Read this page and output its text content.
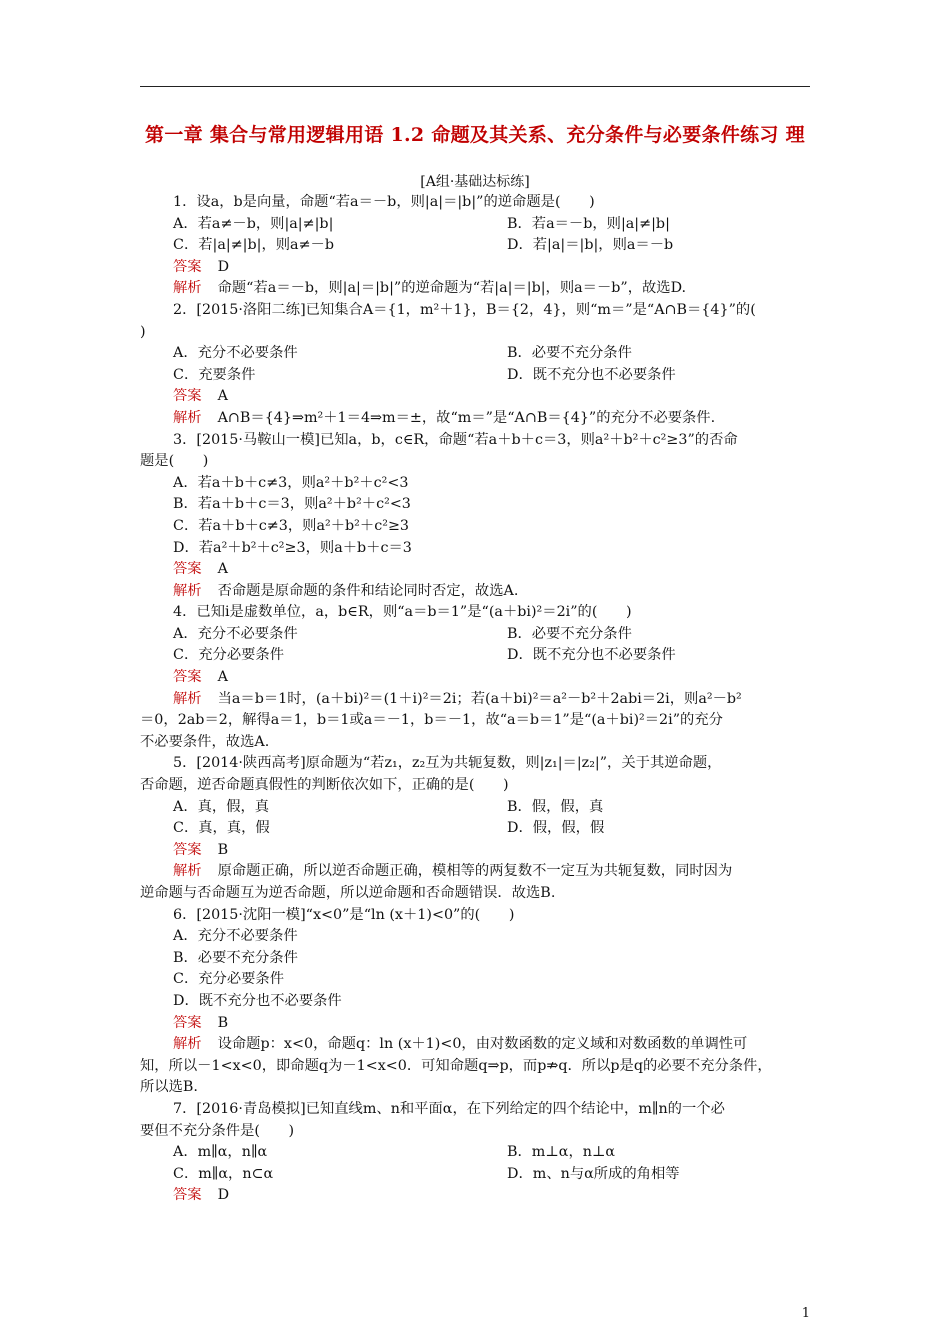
第一章 集合与常用逻辑用语 1.2 命题及其关系、充分条件与必要条件练习 理
[A组·基础达标练]
1．设a，b是向量，命题“若a＝－b，则|a|＝|b|”的逆命题是(　　)
A．若a≠－b，则|a|≠|b|	B．若a＝－b，则|a|≠|b|
C．若|a|≠|b|，则a≠－b	D．若|a|＝|b|，则a＝－b
答案 D
解析 命题“若a＝－b，则|a|＝|b|”的逆命题为“若|a|＝|b|，则a＝－b”，故选D.
2．[2015·洛阳二练]已知集合A＝{1，m²＋1}，B＝{2，4}，则“m＝”是“A∩B＝{4}”的(
)
A．充分不必要条件	B．必要不充分条件
C．充要条件	D．既不充分也不必要条件
答案 A
解析 A∩B＝{4}⇒m²＋1＝4⇒m＝±，故“m＝”是“A∩B＝{4}”的充分不必要条件.
3．[2015·马鞍山一模]已知a，b，c∈R，命题“若a＋b＋c＝3，则a²＋b²＋c²≥3”的否命
题是(　　)
A．若a＋b＋c≠3，则a²＋b²＋c²<3
B．若a＋b＋c＝3，则a²＋b²＋c²<3
C．若a＋b＋c≠3，则a²＋b²＋c²≥3
D．若a²＋b²＋c²≥3，则a＋b＋c＝3
答案 A
解析 否命题是原命题的条件和结论同时否定，故选A.
4．已知i是虚数单位，a，b∈R，则“a＝b＝1”是“(a＋bi)²＝2i”的(　　)
A．充分不必要条件	B．必要不充分条件
C．充分必要条件	D．既不充分也不必要条件
答案 A
解析 当a＝b＝1时，(a＋bi)²＝(1＋i)²＝2i；若(a＋bi)²＝a²－b²＋2abi＝2i，则a²－b²
＝0，2ab＝2，解得a＝1，b＝1或a＝－1，b＝－1，故“a＝b＝1”是“(a＋bi)²＝2i”的充分
不必要条件，故选A.
5．[2014·陕西高考]原命题为“若z₁，z₂互为共轭复数，则|z₁|＝|z₂|”，关于其逆命题，
否命题，逆否命题真假性的判断依次如下，正确的是(　　)
A．真，假，真	B．假，假，真
C．真，真，假	D．假，假，假
答案 B
解析 原命题正确，所以逆否命题正确，模相等的两复数不一定互为共轭复数，同时因为
逆命题与否命题互为逆否命题，所以逆命题和否命题错误．故选B.
6．[2015·沈阳一模]“x<0”是“ln (x＋1)<0”的(　　)
A．充分不必要条件
B．必要不充分条件
C．充分必要条件
D．既不充分也不必要条件
答案 B
解析 设命题p：x<0，命题q：ln (x＋1)<0，由对数函数的定义域和对数函数的单调性可
知，所以－1<x<0，即命题q为－1<x<0．可知命题q⇒p，而p⇏q．所以p是q的必要不充分条件，
所以选B.
7．[2016·青岛模拟]已知直线m、n和平面α，在下列给定的四个结论中，m∥n的一个必
要但不充分条件是(　　)
A．m∥α，n∥α	B．m⊥α，n⊥α
C．m∥α，n⊂α	D．m、n与α所成的角相等
答案 D
1
